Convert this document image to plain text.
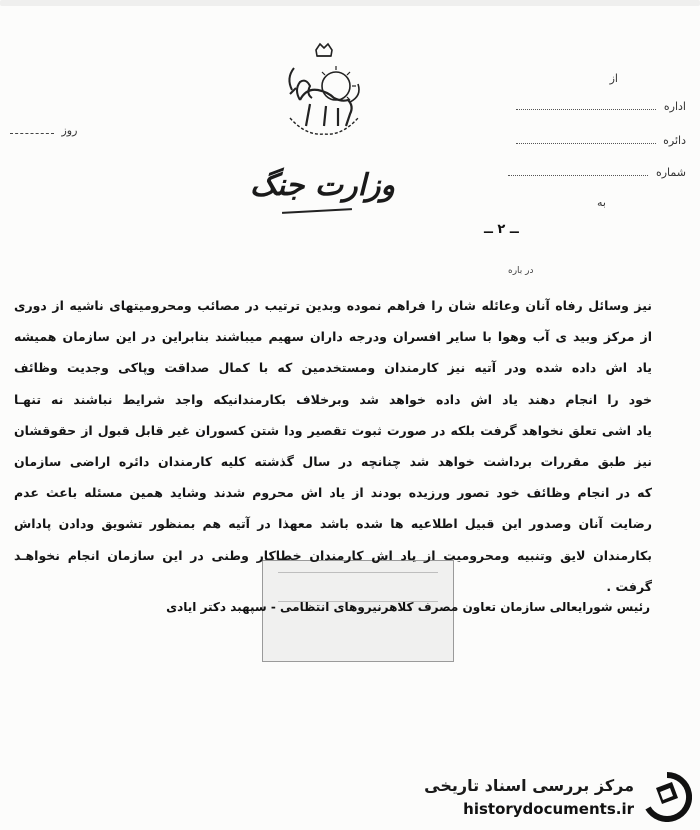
از
اداره
دائره
شماره
به
روز
وزارت جنگ
ــ ۲ ــ
در باره
نیز وسائل رفاه آنان وعائله شان را فراهم نموده وبدین ترتیب در مصائب ومحرومیتهای ناشیه از دوری
از مرکز وبید ی آب وهوا با سایر افسران ودرجه داران سهیم میباشند بنابراین در این سازمان همیشه
یاد اش داده شده ودر آتیه نیز کارمندان ومستخدمین که با کمال صداقت وپاکی وجدیت وظائف
خود را انجام دهند یاد اش داده خواهد شد وبرخلاف بکارمندانیکه واجد شرایط نباشند نه تنهـا
یاد اشی تعلق نخواهد گرفت بلکه در صورت ثبوت تقصیر ودا شتن کسوران غیر قابل قبول از حقوقشان
نیز طبق مقررات برداشت خواهد شد چنانچه در سال گذشته کلیه کارمندان دائره اراضی سازمان
که در انجام وظائف خود تصور ورزیده بودند از یاد اش محروم شدند وشاید همین مسئله باعث عدم
رضایت آنان وصدور این قبیل اطلاعیه ها شده باشد معهذا در آتیه هم بمنظور تشویق ودادن پاداش
بکارمندان لایق وتنبیه ومحرومیت از یاد اش کارمندان خطاکار وطنی در این سازمان انجام نخواهـد
گرفت .
رئیس شورایعالی سازمان تعاون مصرف کلاهرنیروهای انتظامی - سپهبد دکتر ایادی
مرکز بررسی اسناد تاریخی
historydocuments.ir
